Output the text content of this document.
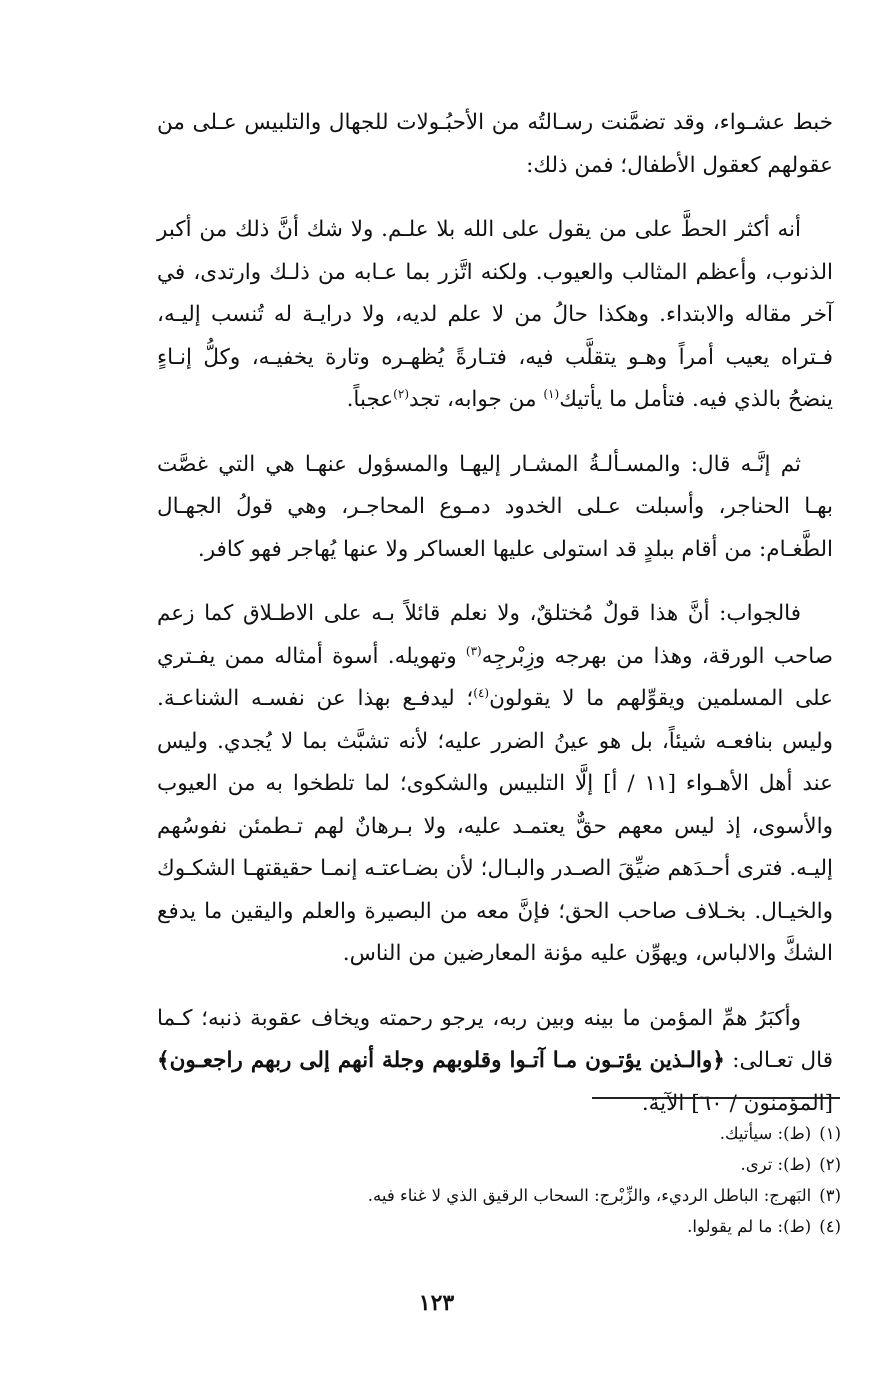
خبط عشـواء، وقد تضمَّنت رسـالتُه من الأحبُـولات للجهال والتلبيس عـلى من عقولهم كعقول الأطفال؛ فمن ذلك:

أنه أكثر الحطَّ على من يقول على الله بلا علـم. ولا شك أنَّ ذلك من أكبر الذنوب، وأعظم المثالب والعيوب. ولكنه اتَّزر بما عـابه من ذلـك وارتدى، في آخر مقاله والابتداء. وهكذا حالُ من لا علم لديه، ولا درايـة له تُنسب إليـه، فـتراه يعيب أمراً وهـو يتقلَّب فيه، فتـارةً يُظهـره وتارة يخفيـه، وكلُّ إنـاءٍ ينضحُ بالذي فيه. فتأمل ما يأتيك$^{(١)}$ من جوابه، تجد$^{(٢)}$عجباً.

ثم إنَّـه قال: والمسـألـةُ المشـار إليهـا والمسؤول عنهـا هي التي غصَّت بهـا الحناجر، وأسبلت عـلى الخدود دمـوع المحاجـر، وهي قولُ الجهـال الطَّغـام: من أقام ببلدٍ قد استولى عليها العساكر ولا عنها يُهاجر فهو كافر.

فالجواب: أنَّ هذا قولٌ مُختلقٌ، ولا نعلم قائلاً بـه على الاطـلاق كما زعم صاحب الورقة، وهذا من بهرجه وزِبْرجِه$^{(٣)}$ وتهويله. أسوة أمثاله ممن يفـتري على المسلمين ويقوِّلهم ما لا يقولون$^{(٤)}$؛ ليدفـع بهذا عن نفسـه الشناعـة. وليس بنافعـه شيئاً، بل هو عينُ الضرر عليه؛ لأنه تشبَّث بما لا يُجدي. وليس عند أهل الأهـواء [١١ / أ] إلَّا التلبيس والشكوى؛ لما تلطخوا به من العيوب والأسوى، إذ ليس معهم حقٌّ يعتمـد عليه، ولا بـرهانٌ لهم تـطمئن نفوسُهم إليـه. فترى أحـدَهم ضيِّقَ الصـدر والبـال؛ لأن بضـاعتـه إنمـا حقيقتهـا الشكـوك والخيـال. بخـلاف صاحب الحق؛ فإنَّ معه من البصيرة والعلم واليقين ما يدفع الشكَّ والالباس، ويهوِّن عليه مؤنة المعارضين من الناس.

وأكبَرُ همِّ المؤمن ما بينه وبين ربه، يرجو رحمته ويخاف عقوبة ذنبه؛ كـما قال تعـالى: ﴿والـذين يؤتـون مـا آتـوا وقلوبهم وجلة أنهم إلى ربهم راجعـون﴾ [المؤمنون / ٦٠] الآية.

(١)(ط): سيأتيك.
(٢)(ط): ترى.
(٣)البَهرج: الباطل الرديء، والزِّبْرج: السحاب الرقيق الذي لا غناء فيه.
(٤)(ط): ما لم يقولوا.
١٢٣
